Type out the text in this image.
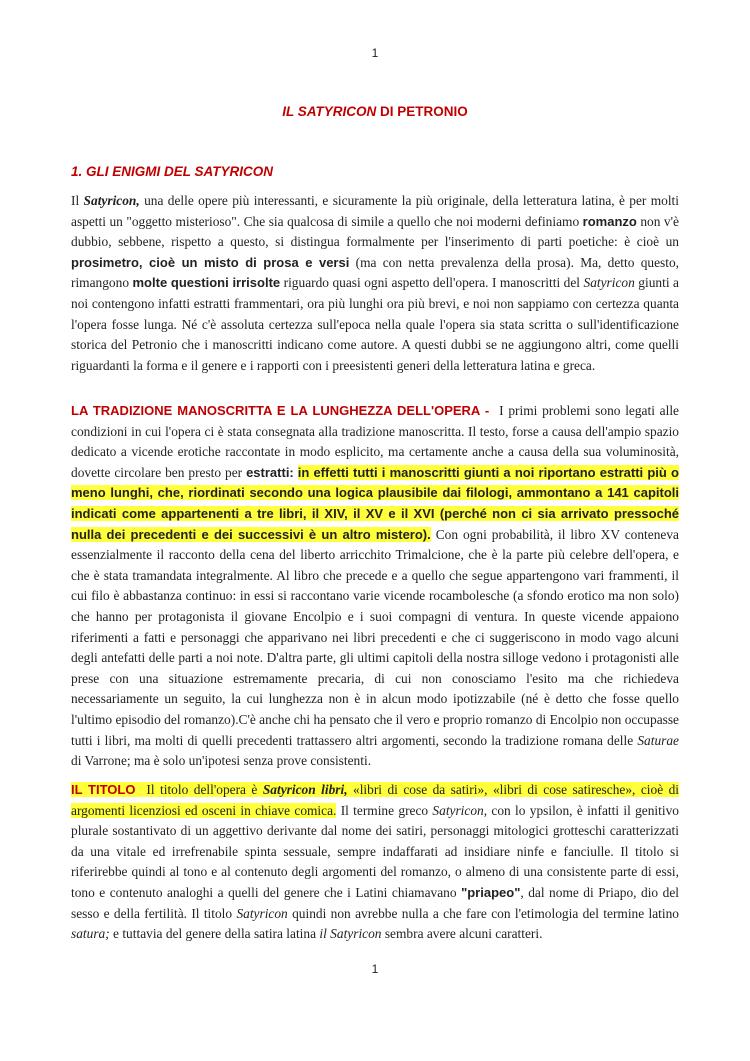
1
IL SATYRICON DI PETRONIO
1. GLI ENIGMI DEL SATYRICON

Il Satyricon, una delle opere più interessanti, e sicuramente la più originale, della letteratura latina, è per molti aspetti un "oggetto misterioso". Che sia qualcosa di simile a quello che noi moderni definiamo romanzo non v'è dubbio, sebbene, rispetto a questo, si distingua formalmente per l'inserimento di parti poetiche: è cioè un prosimetro, cioè un misto di prosa e versi (ma con netta prevalenza della prosa). Ma, detto questo, rimangono molte questioni irrisolte riguardo quasi ogni aspetto dell'opera. I manoscritti del Satyricon giunti a noi contengono infatti estratti frammentari, ora più lunghi ora più brevi, e noi non sappiamo con certezza quanta l'opera fosse lunga. Né c'è assoluta certezza sull'epoca nella quale l'opera sia stata scritta o sull'identificazione storica del Petronio che i manoscritti indicano come autore. A questi dubbi se ne aggiungono altri, come quelli riguardanti la forma e il genere e i rapporti con i preesistenti generi della letteratura latina e greca.

LA TRADIZIONE MANOSCRITTA E LA LUNGHEZZA DELL'OPERA - I primi problemi sono legati alle condizioni in cui l'opera ci è stata consegnata alla tradizione manoscritta. Il testo, forse a causa dell'ampio spazio dedicato a vicende erotiche raccontate in modo esplicito, ma certamente anche a causa della sua voluminosità, dovette circolare ben presto per estratti: in effetti tutti i manoscritti giunti a noi riportano estratti più o meno lunghi, che, riordinati secondo una logica plausibile dai filologi, ammontano a 141 capitoli indicati come appartenenti a tre libri, il XIV, il XV e il XVI (perché non ci sia arrivato pressoché nulla dei precedenti e dei successivi è un altro mistero). Con ogni probabilità, il libro XV conteneva essenzialmente il racconto della cena del liberto arricchito Trimalcione, che è la parte più celebre dell'opera, e che è stata tramandata integralmente. Al libro che precede e a quello che segue appartengono vari frammenti, il cui filo è abbastanza continuo: in essi si raccontano varie vicende rocambolesche (a sfondo erotico ma non solo) che hanno per protagonista il giovane Encolpio e i suoi compagni di ventura. In queste vicende appaiono riferimenti a fatti e personaggi che apparivano nei libri precedenti e che ci suggeriscono in modo vago alcuni degli antefatti delle parti a noi note. D'altra parte, gli ultimi capitoli della nostra silloge vedono i protagonisti alle prese con una situazione estremamente precaria, di cui non conosciamo l'esito ma che richiedeva necessariamente un seguito, la cui lunghezza non è in alcun modo ipotizzabile (né è detto che fosse quello l'ultimo episodio del romanzo).C'è anche chi ha pensato che il vero e proprio romanzo di Encolpio non occupasse tutti i libri, ma molti di quelli precedenti trattassero altri argomenti, secondo la tradizione romana delle Saturae di Varrone; ma è solo un'ipotesi senza prove consistenti.

IL TITOLO Il titolo dell'opera è Satyricon libri, «libri di cose da satiri», «libri di cose satiresche», cioè di argomenti licenziosi ed osceni in chiave comica. Il termine greco Satyricon, con lo ypsilon, è infatti il genitivo plurale sostantivato di un aggettivo derivante dal nome dei satiri, personaggi mitologici grotteschi caratterizzati da una vitale ed irrefrenabile spinta sessuale, sempre indaffarati ad insidiare ninfe e fanciulle. Il titolo si riferirebbe quindi al tono e al contenuto degli argomenti del romanzo, o almeno di una consistente parte di essi, tono e contenuto analoghi a quelli del genere che i Latini chiamavano "priapeo", dal nome di Priapo, dio del sesso e della fertilità. Il titolo Satyricon quindi non avrebbe nulla a che fare con l'etimologia del termine latino satura; e tuttavia del genere della satira latina il Satyricon sembra avere alcuni caratteri.

1
